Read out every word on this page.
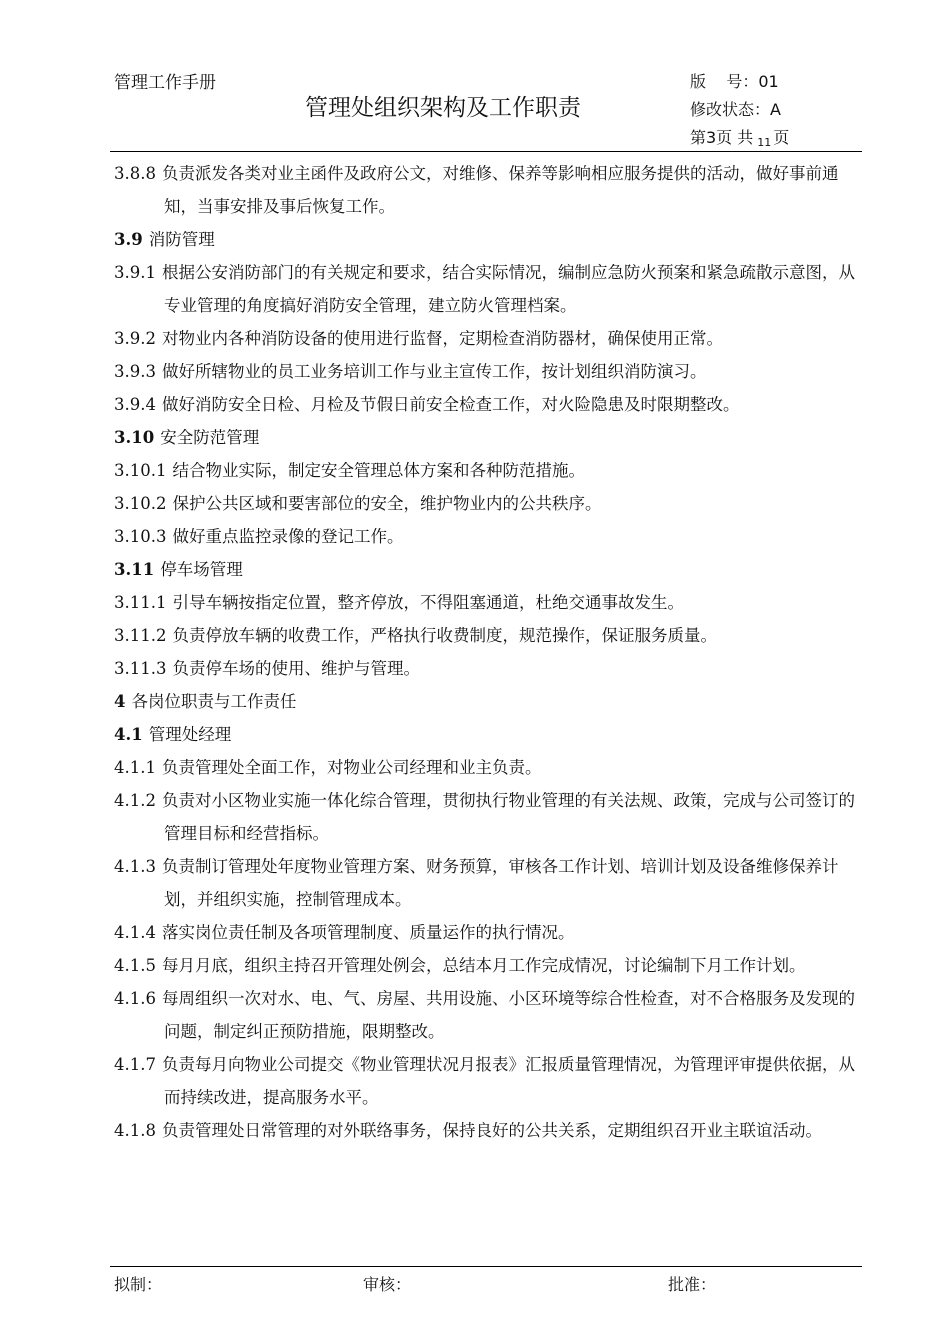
管理工作手册
管理处组织架构及工作职责
版    号：01
修改状态：A
第3页 共 $_{11}$ 页
3.8.8 负责派发各类对业主函件及政府公文，对维修、保养等影响相应服务提供的活动，做好事前通知，当事安排及事后恢复工作。
3.9 消防管理
3.9.1 根据公安消防部门的有关规定和要求，结合实际情况，编制应急防火预案和紧急疏散示意图，从专业管理的角度搞好消防安全管理，建立防火管理档案。
3.9.2 对物业内各种消防设备的使用进行监督，定期检查消防器材，确保使用正常。
3.9.3 做好所辖物业的员工业务培训工作与业主宣传工作，按计划组织消防演习。
3.9.4 做好消防安全日检、月检及节假日前安全检查工作，对火险隐患及时限期整改。
3.10 安全防范管理
3.10.1 结合物业实际，制定安全管理总体方案和各种防范措施。
3.10.2 保护公共区域和要害部位的安全，维护物业内的公共秩序。
3.10.3 做好重点监控录像的登记工作。
3.11 停车场管理
3.11.1 引导车辆按指定位置，整齐停放，不得阻塞通道，杜绝交通事故发生。
3.11.2 负责停放车辆的收费工作，严格执行收费制度，规范操作，保证服务质量。
3.11.3 负责停车场的使用、维护与管理。
4 各岗位职责与工作责任
4.1 管理处经理
4.1.1 负责管理处全面工作，对物业公司经理和业主负责。
4.1.2 负责对小区物业实施一体化综合管理，贯彻执行物业管理的有关法规、政策，完成与公司签订的管理目标和经营指标。
4.1.3 负责制订管理处年度物业管理方案、财务预算，审核各工作计划、培训计划及设备维修保养计划，并组织实施，控制管理成本。
4.1.4 落实岗位责任制及各项管理制度、质量运作的执行情况。
4.1.5 每月月底，组织主持召开管理处例会，总结本月工作完成情况，讨论编制下月工作计划。
4.1.6 每周组织一次对水、电、气、房屋、共用设施、小区环境等综合性检查，对不合格服务及发现的问题，制定纠正预防措施，限期整改。
4.1.7 负责每月向物业公司提交《物业管理状况月报表》汇报质量管理情况，为管理评审提供依据，从而持续改进，提高服务水平。
4.1.8 负责管理处日常管理的对外联络事务，保持良好的公共关系，定期组织召开业主联谊活动。
拟制：	审核：	批准：
